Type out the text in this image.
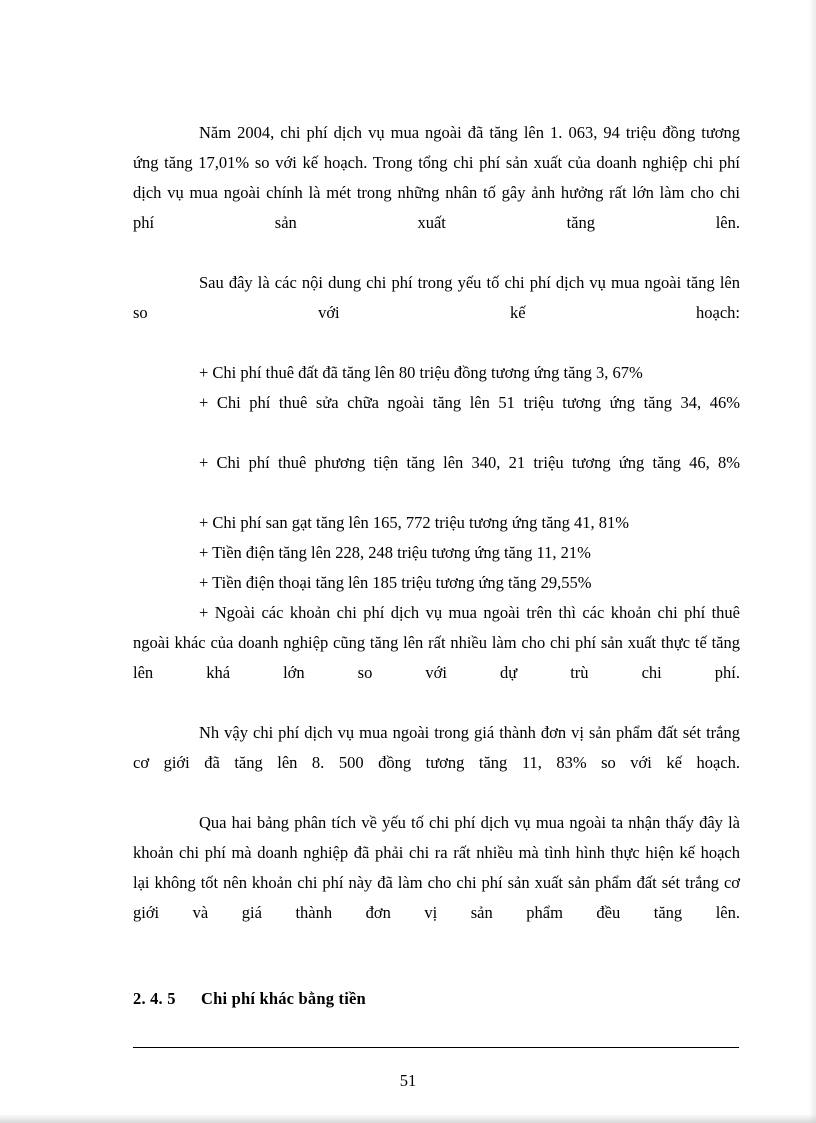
Năm 2004, chi phí dịch vụ mua ngoài đã tăng lên 1. 063, 94 triệu đồng tương ứng tăng 17,01% so với kế hoạch. Trong tổng chi phí sản xuất của doanh nghiệp chi phí dịch vụ mua ngoài chính là mét trong những nhân tố gây ảnh hưởng rất lớn làm cho chi phí sản xuất tăng lên.

Sau đây là các nội dung chi phí trong yếu tố chi phí dịch vụ mua ngoài tăng lên so với kế hoạch:

+ Chi phí thuê đất đã tăng lên 80 triệu đồng tương ứng tăng 3, 67%

+ Chi phí thuê sửa chữa ngoài tăng lên 51 triệu tương ứng tăng 34, 46%

+ Chi phí thuê phương tiện tăng lên 340, 21 triệu tương ứng tăng 46, 8%

+ Chi phí san gạt tăng lên 165, 772 triệu tương ứng tăng 41, 81%

+ Tiền điện tăng lên 228, 248 triệu tương ứng tăng 11, 21%

+ Tiền điện thoại tăng lên 185 triệu tương ứng tăng 29,55%

+ Ngoài các khoản chi phí dịch vụ mua ngoài trên thì các khoản chi phí thuê ngoài khác của doanh nghiệp cũng tăng lên rất nhiều làm cho chi phí sản xuất thực tế tăng lên khá lớn so với dự trù chi phí.

Nh vậy chi phí dịch vụ mua ngoài trong giá thành đơn vị sản phẩm đất sét trắng cơ giới đã tăng lên 8. 500 đồng tương tăng 11, 83% so với kế hoạch.

Qua hai bảng phân tích về yếu tố chi phí dịch vụ mua ngoài ta nhận thấy đây là khoản chi phí mà doanh nghiệp đã phải chi ra rất nhiều mà tình hình thực hiện kế hoạch lại không tốt nên khoản chi phí này đã làm cho chi phí sản xuất sản phẩm đất sét trắng cơ giới và giá thành đơn vị sản phẩm đều tăng lên.

2. 4. 5 Chi phí khác bằng tiền

51
